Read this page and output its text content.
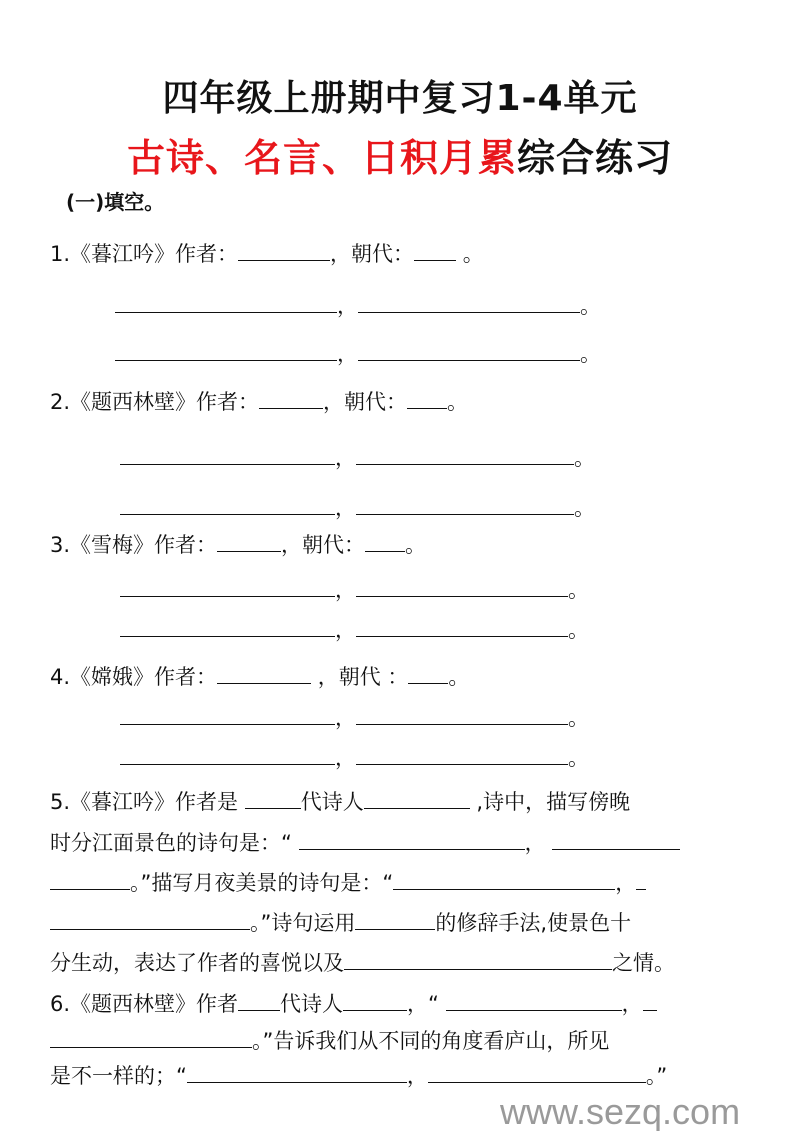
四年级上册期中复习1-4单元
古诗、名言、日积月累综合练习
(一)填空。
1.《暮江吟》作者：	，朝代： 。
，	。
，	。
2.《题西林壁》作者：	，朝代： 。
，	。
，	。
3.《雪梅》作者：	，朝代： 。
，	。
，	。
4.《嫦娥》作者：	，朝代 ： 。
，	。
，	。
5.《暮江吟》作者是	代诗人	,诗中，描写傍晚
时分江面景色的诗句是：“	，
。”描写月夜美景的诗句是：“	，
。”诗句运用	的修辞手法,使景色十
分生动，表达了作者的喜悦以及	之情。
6.《题西林壁》作者 代诗人	，“	，
。”告诉我们从不同的角度看庐山，所见
是不一样的；“	，	。”
www.sezq.com
